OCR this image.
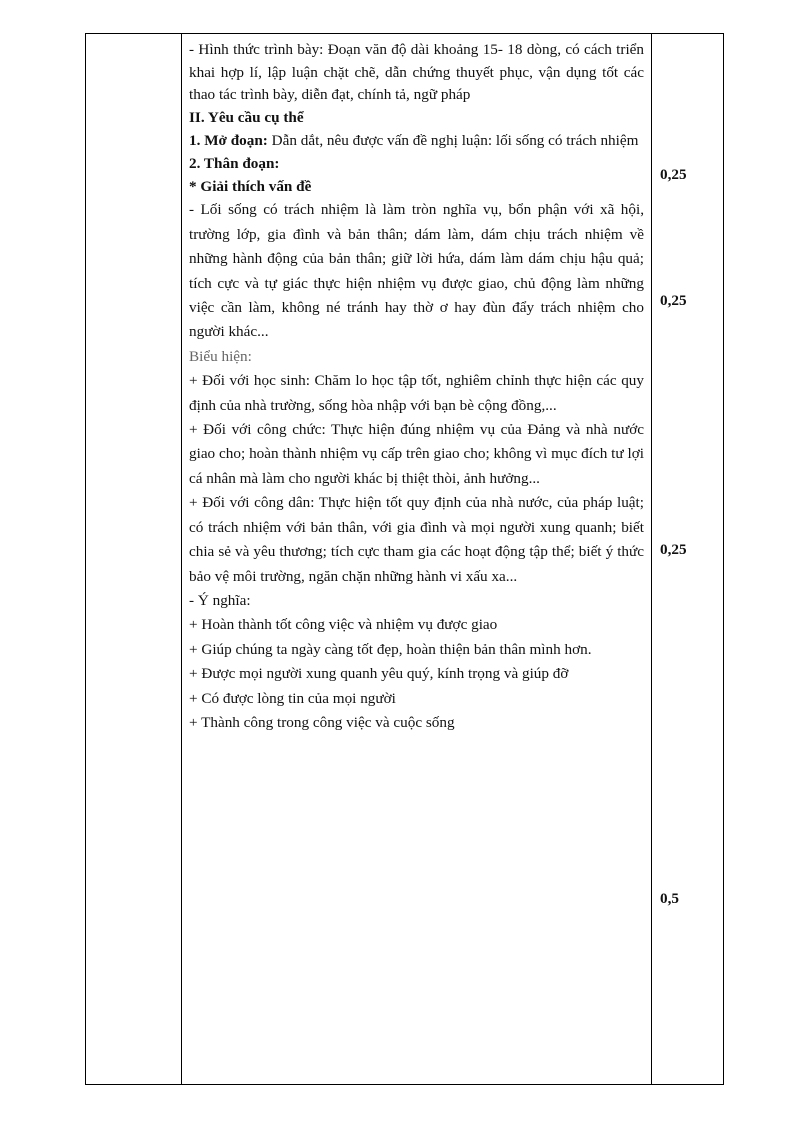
- Hình thức trình bày: Đoạn văn độ dài khoảng 15- 18 dòng, có cách triển khai hợp lí, lập luận chặt chẽ, dẫn chứng thuyết phục, vận dụng tốt các thao tác trình bày, diễn đạt, chính tả, ngữ pháp

II. Yêu cầu cụ thể

1. Mở đoạn: Dẫn dắt, nêu được vấn đề nghị luận: lối sống có trách nhiệm

2. Thân đoạn:

* Giải thích vấn đề

- Lối sống có trách nhiệm là làm tròn nghĩa vụ, bổn phận với xã hội, trường lớp, gia đình và bản thân; dám làm, dám chịu trách nhiệm về những hành động của bản thân; giữ lời hứa, dám làm dám chịu hậu quả; tích cực và tự giác thực hiện nhiệm vụ được giao, chủ động làm những việc cần làm, không né tránh hay thờ ơ hay đùn đẩy trách nhiệm cho người khác...

Biểu hiện:

+ Đối với học sinh: Chăm lo học tập tốt, nghiêm chỉnh thực hiện các quy định của nhà trường, sống hòa nhập với bạn bè cộng đồng,...

+ Đối với công chức: Thực hiện đúng nhiệm vụ của Đảng và nhà nước giao cho; hoàn thành nhiệm vụ cấp trên giao cho; không vì mục đích tư lợi cá nhân mà làm cho người khác bị thiệt thòi, ảnh hưởng...

+ Đối với công dân: Thực hiện tốt quy định của nhà nước, của pháp luật; có trách nhiệm với bản thân, với gia đình và mọi người xung quanh; biết chia sẻ và yêu thương; tích cực tham gia các hoạt động tập thể; biết ý thức bảo vệ môi trường, ngăn chặn những hành vi xấu xa...

- Ý nghĩa:

+ Hoàn thành tốt công việc và nhiệm vụ được giao

+ Giúp chúng ta ngày càng tốt đẹp, hoàn thiện bản thân mình hơn.

+ Được mọi người xung quanh yêu quý, kính trọng và giúp đỡ

+ Có được lòng tin của mọi người

+ Thành công trong công việc và cuộc sống

0,25
0,25
0,25
0,5
